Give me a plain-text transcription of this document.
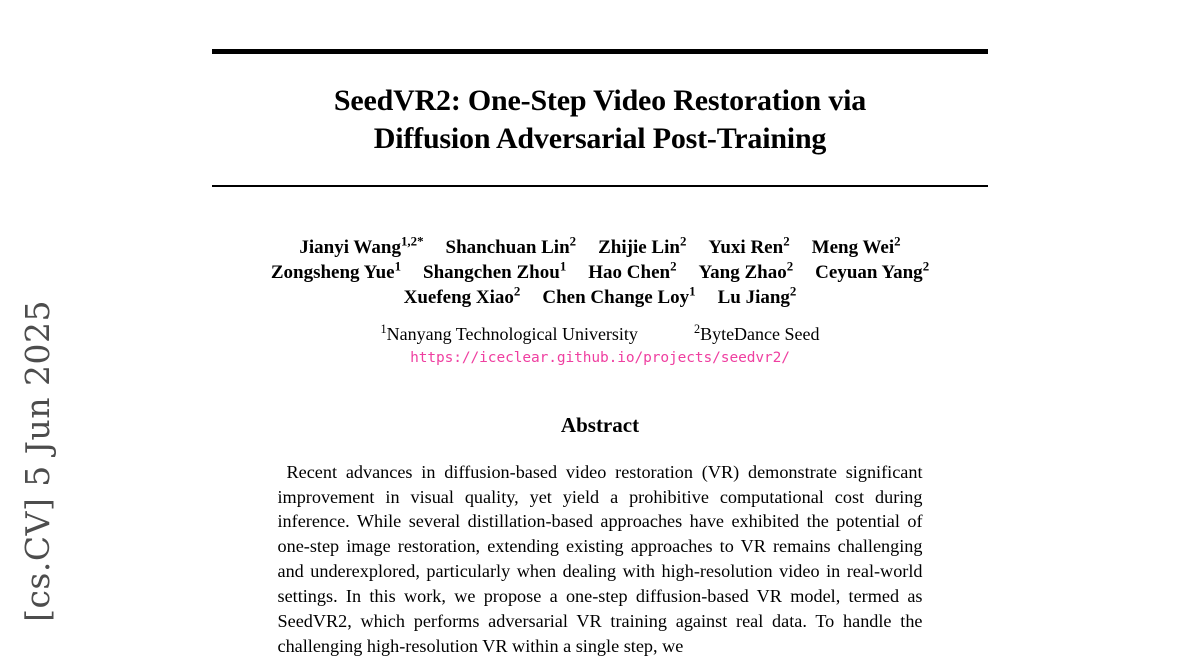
[cs.CV] 5 Jun 2025
SeedVR2: One-Step Video Restoration via
Diffusion Adversarial Post-Training
Jianyi Wang$^{1,2*}$ Shanchuan Lin$^2$ Zhijie Lin$^2$ Yuxi Ren$^2$ Meng Wei$^2$
Zongsheng Yue$^1$ Shangchen Zhou$^1$ Hao Chen$^2$ Yang Zhao$^2$ Ceyuan Yang$^2$
Xuefeng Xiao$^2$ Chen Change Loy$^1$ Lu Jiang$^2$
$^1$Nanyang Technological University	$^2$ByteDance Seed
https://iceclear.github.io/projects/seedvr2/
Abstract

Recent advances in diffusion-based video restoration (VR) demonstrate significant improvement in visual quality, yet yield a prohibitive computational cost during inference. While several distillation-based approaches have exhibited the potential of one-step image restoration, extending existing approaches to VR remains challenging and underexplored, particularly when dealing with high-resolution video in real-world settings. In this work, we propose a one-step diffusion-based VR model, termed as SeedVR2, which performs adversarial VR training against real data. To handle the challenging high-resolution VR within a single step, we
